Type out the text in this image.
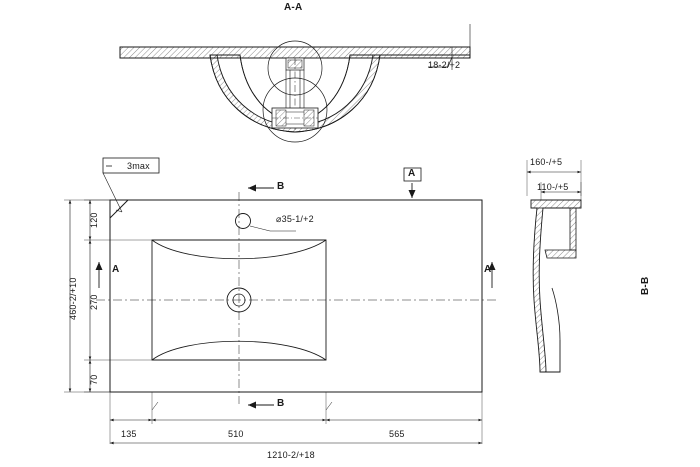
A-A
18-2/+2
3max
A
B
B
A	A
⌀35-1/+2
120
270
70
460-2/+10
135	510	565
1210-2/+18
160-/+5
110-/+5
B-B
